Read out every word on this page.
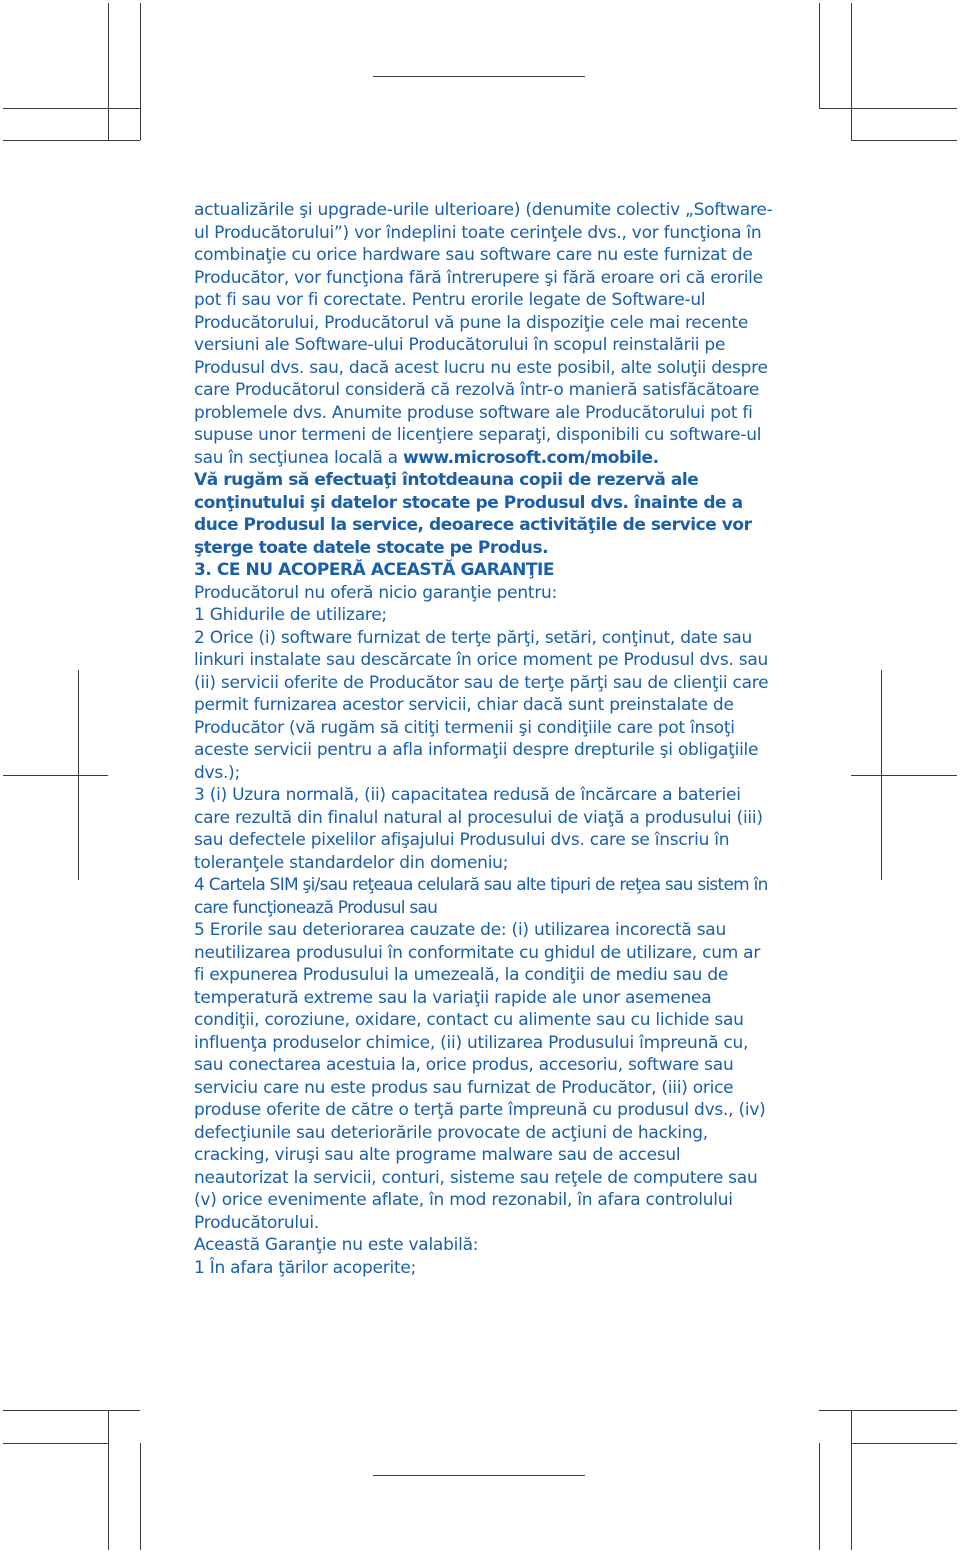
actualizările şi upgrade-urile ulterioare) (denumite colectiv „Software-ul Producătorului”) vor îndeplini toate cerinţele dvs., vor funcţiona în combinaţie cu orice hardware sau software care nu este furnizat de Producător, vor funcţiona fără întrerupere şi fără eroare ori că erorile pot fi sau vor fi corectate. Pentru erorile legate de Software-ul Producătorului, Producătorul vă pune la dispoziţie cele mai recente versiuni ale Software-ului Producătorului în scopul reinstalării pe Produsul dvs. sau, dacă acest lucru nu este posibil, alte soluţii despre care Producătorul consideră că rezolvă într-o manieră satisfăcătoare problemele dvs. Anumite produse software ale Producătorului pot fi supuse unor termeni de licenţiere separaţi, disponibili cu software-ul sau în secţiunea locală a www.microsoft.com/mobile.

Vă rugăm să efectuaţi întotdeauna copii de rezervă ale conţinutului şi datelor stocate pe Produsul dvs. înainte de a duce Produsul la service, deoarece activităţile de service vor şterge toate datele stocate pe Produs.

3. CE NU ACOPERĂ ACEASTĂ GARANŢIE

Producătorul nu oferă nicio garanţie pentru:

1 Ghidurile de utilizare;

2 Orice (i) software furnizat de terţe părţi, setări, conţinut, date sau linkuri instalate sau descărcate în orice moment pe Produsul dvs. sau (ii) servicii oferite de Producător sau de terţe părţi sau de clienţii care permit furnizarea acestor servicii, chiar dacă sunt preinstalate de Producător (vă rugăm să citiţi termenii şi condiţiile care pot însoţi aceste servicii pentru a afla informaţii despre drepturile şi obligaţiile dvs.);

3 (i) Uzura normală, (ii) capacitatea redusă de încărcare a bateriei care rezultă din finalul natural al procesului de viaţă a produsului (iii) sau defectele pixelilor afişajului Produsului dvs. care se înscriu în toleranţele standardelor din domeniu;

4 Cartela SIM şi/sau reţeaua celulară sau alte tipuri de reţea sau sistem în care funcţionează Produsul sau

5 Erorile sau deteriorarea cauzate de: (i) utilizarea incorectă sau neutilizarea produsului în conformitate cu ghidul de utilizare, cum ar fi expunerea Produsului la umezeală, la condiţii de mediu sau de temperatură extreme sau la variaţii rapide ale unor asemenea condiţii, coroziune, oxidare, contact cu alimente sau cu lichide sau influenţa produselor chimice, (ii) utilizarea Produsului împreună cu, sau conectarea acestuia la, orice produs, accesoriu, software sau serviciu care nu este produs sau furnizat de Producător, (iii) orice produse oferite de către o terţă parte împreună cu produsul dvs., (iv) defecţiunile sau deteriorările provocate de acţiuni de hacking, cracking, viruşi sau alte programe malware sau de accesul neautorizat la servicii, conturi, sisteme sau reţele de computere sau (v) orice evenimente aflate, în mod rezonabil, în afara controlului Producătorului.

Această Garanţie nu este valabilă:

1 În afara ţărilor acoperite;
